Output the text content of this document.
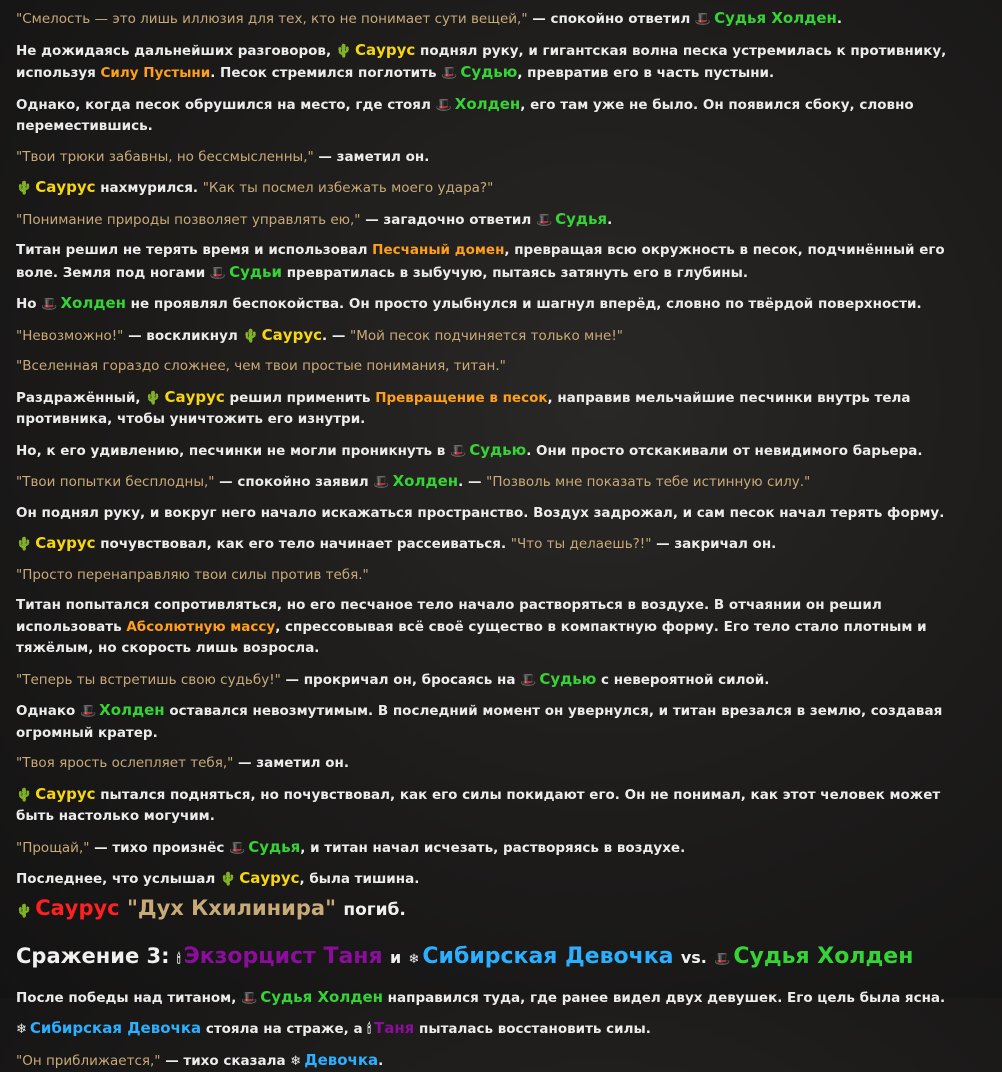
"Смелость — это лишь иллюзия для тех, кто не понимает сути вещей," — спокойно ответил 🎩 Судья Холден.

Не дожидаясь дальнейших разговоров, 🌵 Саурус поднял руку, и гигантская волна песка устремилась к противнику, используя Силу Пустыни. Песок стремился поглотить 🎩 Судью, превратив его в часть пустыни.

Однако, когда песок обрушился на место, где стоял 🎩 Холден, его там уже не было. Он появился сбоку, словно переместившись.

"Твои трюки забавны, но бессмысленны," — заметил он.

🌵 Саурус нахмурился. "Как ты посмел избежать моего удара?"

"Понимание природы позволяет управлять ею," — загадочно ответил 🎩 Судья.

Титан решил не терять время и использовал Песчаный домен, превращая всю окружность в песок, подчинённый его воле. Земля под ногами 🎩 Судьи превратилась в зыбучую, пытаясь затянуть его в глубины.

Но 🎩 Холден не проявлял беспокойства. Он просто улыбнулся и шагнул вперёд, словно по твёрдой поверхности.

"Невозможно!" — воскликнул 🌵 Саурус. — "Мой песок подчиняется только мне!"

"Вселенная гораздо сложнее, чем твои простые понимания, титан."

Раздражённый, 🌵 Саурус решил применить Превращение в песок, направив мельчайшие песчинки внутрь тела противника, чтобы уничтожить его изнутри.

Но, к его удивлению, песчинки не могли проникнуть в 🎩 Судью. Они просто отскакивали от невидимого барьера.

"Твои попытки бесплодны," — спокойно заявил 🎩 Холден. — "Позволь мне показать тебе истинную силу."

Он поднял руку, и вокруг него начало искажаться пространство. Воздух задрожал, и сам песок начал терять форму.

🌵 Саурус почувствовал, как его тело начинает рассеиваться. "Что ты делаешь?!" — закричал он.

"Просто перенаправляю твои силы против тебя."

Титан попытался сопротивляться, но его песчаное тело начало растворяться в воздухе. В отчаянии он решил использовать Абсолютную массу, спрессовывая всё своё существо в компактную форму. Его тело стало плотным и тяжёлым, но скорость лишь возросла.

"Теперь ты встретишь свою судьбу!" — прокричал он, бросаясь на 🎩 Судью с невероятной силой.

Однако 🎩 Холден оставался невозмутимым. В последний момент он увернулся, и титан врезался в землю, создавая огромный кратер.

"Твоя ярость ослепляет тебя," — заметил он.

🌵 Саурус пытался подняться, но почувствовал, как его силы покидают его. Он не понимал, как этот человек может быть настолько могучим.

"Прощай," — тихо произнёс 🎩 Судья, и титан начал исчезать, растворяясь в воздухе.

Последнее, что услышал 🌵 Саурус, была тишина.

🌵 Саурус "Дух Кхилинира" погиб.
Сражение 3: 🕯 Экзорцист Таня и ❄ Сибирская Девочка vs. 🎩 Судья Холден

После победы над титаном, 🎩 Судья Холден направился туда, где ранее видел двух девушек. Его цель была ясна.

❄ Сибирская Девочка стояла на страже, а 🕯 Таня пыталась восстановить силы.

"Он приближается," — тихо сказала ❄ Девочка.
